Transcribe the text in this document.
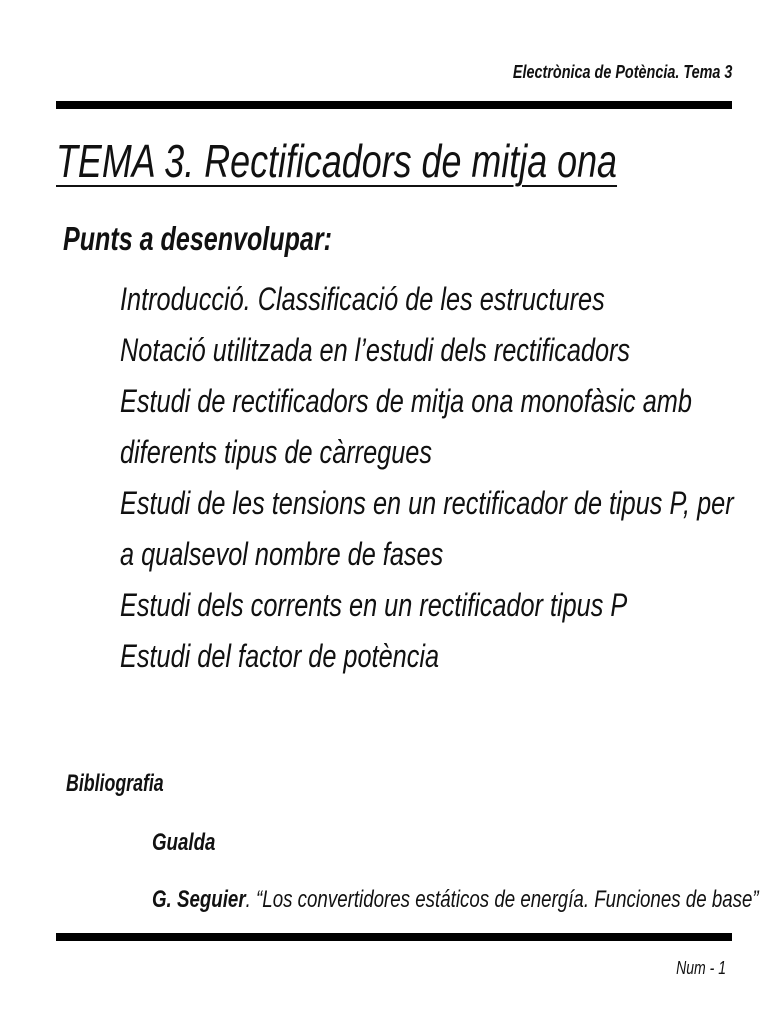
Electrònica de Potència. Tema 3
TEMA 3. Rectificadors de mitja ona
Punts a desenvolupar:
Introducció. Classificació de les estructures
Notació utilitzada en l’estudi dels rectificadors
Estudi de rectificadors de mitja ona monofàsic amb diferents tipus de càrregues
Estudi de les tensions en un rectificador de tipus P, per a qualsevol nombre de fases
Estudi dels corrents en un rectificador tipus P
Estudi del factor de potència
Bibliografia
Gualda
G. Seguier. “Los convertidores estáticos de energía. Funciones de base”
Num - 1
